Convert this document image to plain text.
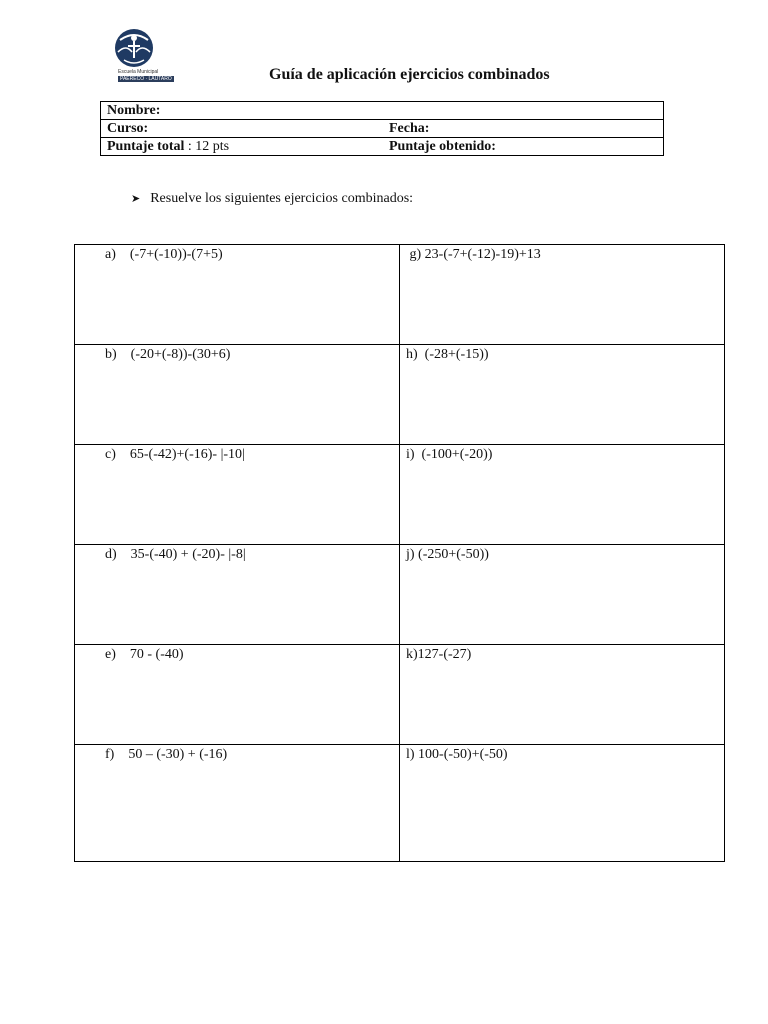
Escuela Municipal
PAERECO · LAUTARO	Guía de aplicación ejercicios combinados
Nombre:	
Curso:	Fecha:
Puntaje total : 12 pts	Puntaje obtenido:
➤ Resuelve los siguientes ejercicios combinados:
a)    (-7+(-10))-(7+5)	g) 23-(-7+(-12)-19)+13

b)    (-20+(-8))-(30+6)	h)  (-28+(-15))

c)    65-(-42)+(-16)- |-10|	i)  (-100+(-20))

d)    35-(-40) + (-20)- |-8|	j) (-250+(-50))

e)    70 - (-40)	k)127-(-27)

f)    50 – (-30) + (-16)	l) 100-(-50)+(-50)
